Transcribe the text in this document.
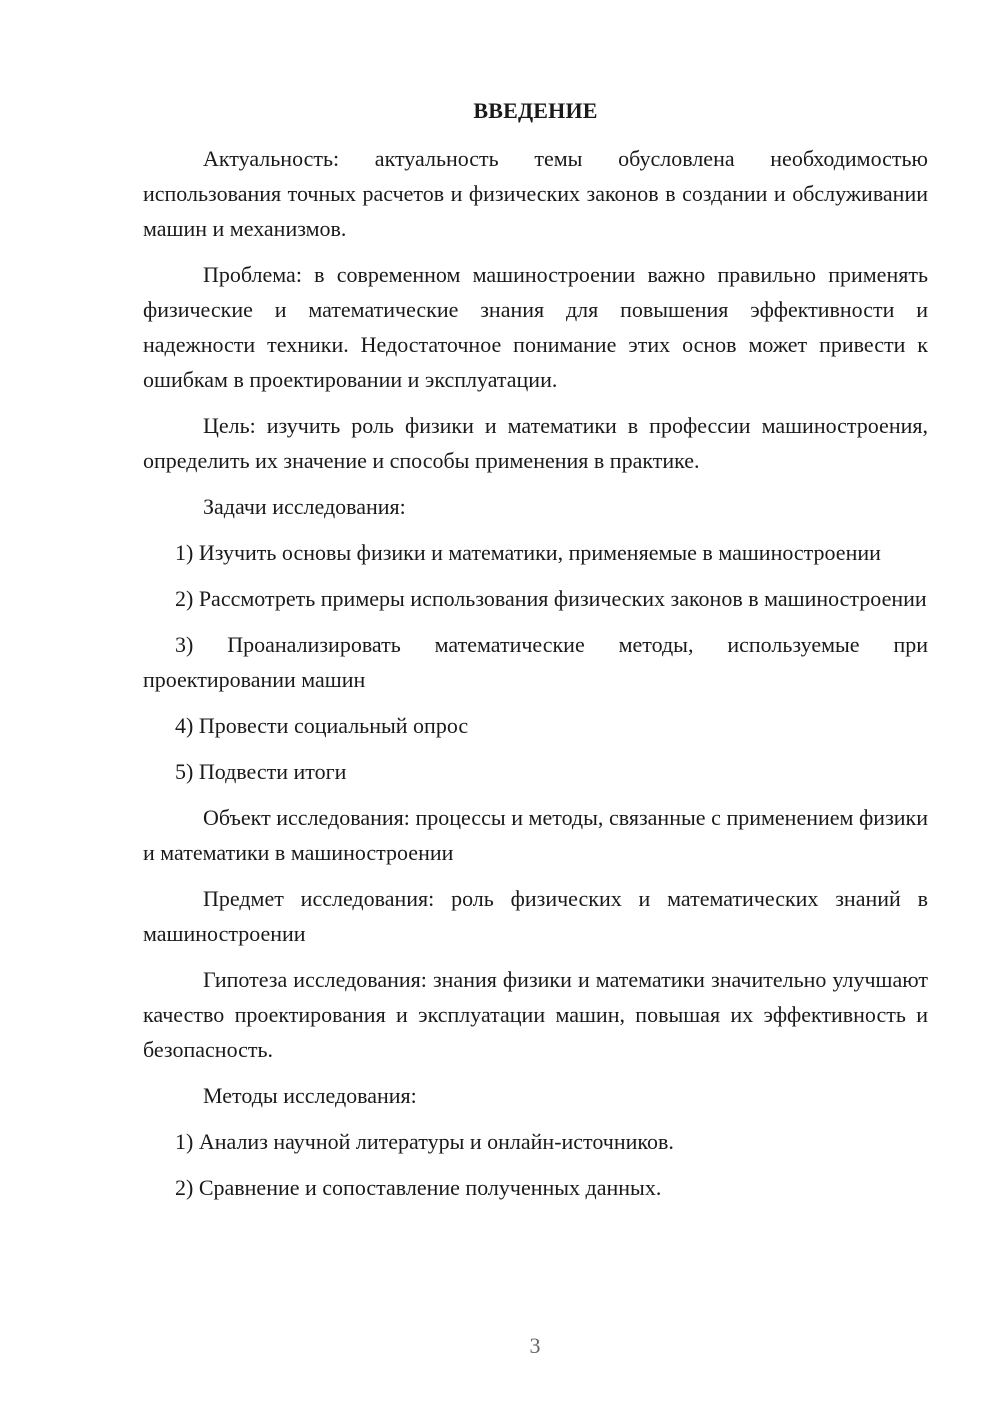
ВВЕДЕНИЕ

Актуальность: актуальность темы обусловлена необходимостью использования точных расчетов и физических законов в создании и обслуживании машин и механизмов.

Проблема: в современном машиностроении важно правильно применять физические и математические знания для повышения эффективности и надежности техники. Недостаточное понимание этих основ может привести к ошибкам в проектировании и эксплуатации.

Цель: изучить роль физики и математики в профессии машиностроения, определить их значение и способы применения в практике.

Задачи исследования:

1) Изучить основы физики и математики, применяемые в машиностроении

2) Рассмотреть примеры использования физических законов в машиностроении

3) Проанализировать математические методы, используемые при проектировании машин

4) Провести социальный опрос

5) Подвести итоги

Объект исследования: процессы и методы, связанные с применением физики и математики в машиностроении

Предмет исследования: роль физических и математических знаний в машиностроении

Гипотеза исследования: знания физики и математики значительно улучшают качество проектирования и эксплуатации машин, повышая их эффективность и безопасность.

Методы исследования:

1) Анализ научной литературы и онлайн-источников.

2) Сравнение и сопоставление полученных данных.

3
